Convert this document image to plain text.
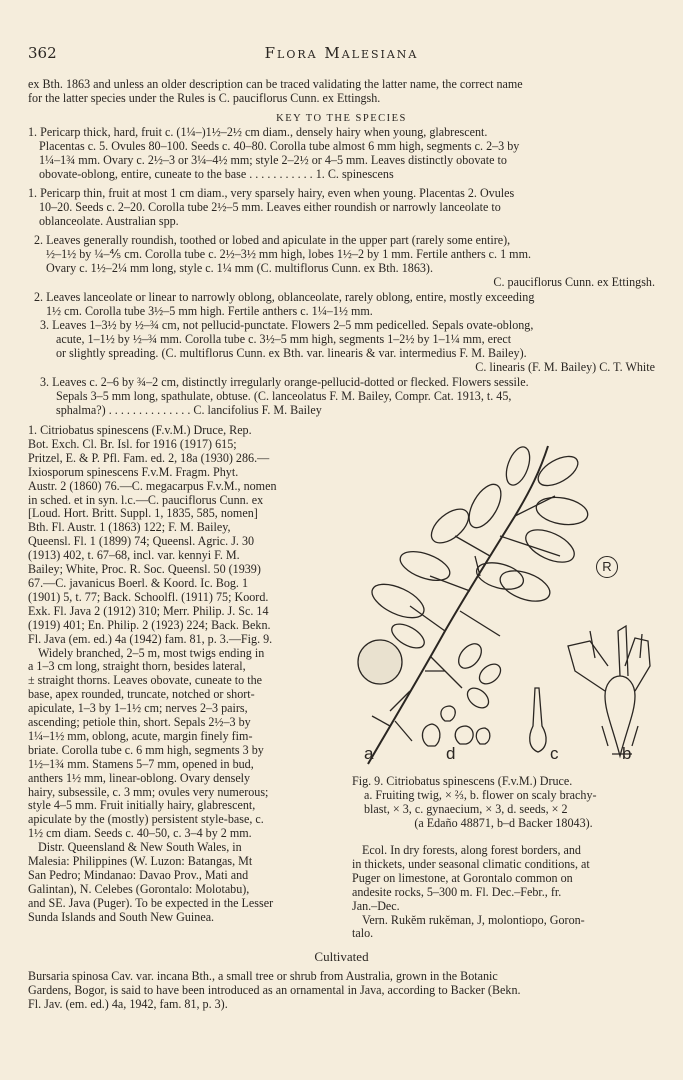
362	Flora Malesiana
ex Bth. 1863 and unless an older description can be traced validating the latter name, the correct name
for the latter species under the Rules is C. pauciflorus Cunn. ex Ettingsh.
KEY TO THE SPECIES
1. Pericarp thick, hard, fruit c. (1¼–)1½–2½ cm diam., densely hairy when young, glabrescent.
Placentas c. 5. Ovules 80–100. Seeds c. 40–80. Corolla tube almost 6 mm high, segments c. 2–3 by
1¼–1¾ mm. Ovary c. 2½–3 or 3¼–4½ mm; style 2–2½ or 4–5 mm. Leaves distinctly obovate to
obovate-oblong, entire, cuneate to the base . . . . . . . . . . . 1. C. spinescens
1. Pericarp thin, fruit at most 1 cm diam., very sparsely hairy, even when young. Placentas 2. Ovules
10–20. Seeds c. 2–20. Corolla tube 2½–5 mm. Leaves either roundish or narrowly lanceolate to
oblanceolate. Australian spp.
2. Leaves generally roundish, toothed or lobed and apiculate in the upper part (rarely some entire),
½–1½ by ¼–⅘ cm. Corolla tube c. 2½–3½ mm high, lobes 1½–2 by 1 mm. Fertile anthers c. 1 mm.
Ovary c. 1½–2¼ mm long, style c. 1¼ mm (C. multiflorus Cunn. ex Bth. 1863).
C. pauciflorus Cunn. ex Ettingsh.
2. Leaves lanceolate or linear to narrowly oblong, oblanceolate, rarely oblong, entire, mostly exceeding
1½ cm. Corolla tube 3½–5 mm high. Fertile anthers c. 1¼–1½ mm.
3. Leaves 1–3½ by ½–¾ cm, not pellucid-punctate. Flowers 2–5 mm pedicelled. Sepals ovate-oblong,
acute, 1–1½ by ½–¾ mm. Corolla tube c. 3½–5 mm high, segments 1–2½ by 1–1¼ mm, erect
or slightly spreading. (C. multiflorus Cunn. ex Bth. var. linearis & var. intermedius F. M. Bailey).
C. linearis (F. M. Bailey) C. T. White
3. Leaves c. 2–6 by ¾–2 cm, distinctly irregularly orange-pellucid-dotted or flecked. Flowers sessile.
Sepals 3–5 mm long, spathulate, obtuse. (C. lanceolatus F. M. Bailey, Compr. Cat. 1913, t. 45,
sphalma?) . . . . . . . . . . . . . . C. lancifolius F. M. Bailey
1. Citriobatus spinescens (F.v.M.) Druce, Rep.
Bot. Exch. Cl. Br. Isl. for 1916 (1917) 615;
Pritzel, E. & P. Pfl. Fam. ed. 2, 18a (1930) 286.—
Ixiosporum spinescens F.v.M. Fragm. Phyt.
Austr. 2 (1860) 76.—C. megacarpus F.v.M., nomen
in sched. et in syn. l.c.—C. pauciflorus Cunn. ex
[Loud. Hort. Britt. Suppl. 1, 1835, 585, nomen]
Bth. Fl. Austr. 1 (1863) 122; F. M. Bailey,
Queensl. Fl. 1 (1899) 74; Queensl. Agric. J. 30
(1913) 402, t. 67–68, incl. var. kennyi F. M.
Bailey; White, Proc. R. Soc. Queensl. 50 (1939)
67.—C. javanicus Boerl. & Koord. Ic. Bog. 1
(1901) 5, t. 77; Back. Schoolfl. (1911) 75; Koord.
Exk. Fl. Java 2 (1912) 310; Merr. Philip. J. Sc. 14
(1919) 401; En. Philip. 2 (1923) 224; Back. Bekn.
Fl. Java (em. ed.) 4a (1942) fam. 81, p. 3.—Fig. 9.
Widely branched, 2–5 m, most twigs ending in
a 1–3 cm long, straight thorn, besides lateral,
± straight thorns. Leaves obovate, cuneate to the
base, apex rounded, truncate, notched or short-
apiculate, 1–3 by 1–1½ cm; nerves 2–3 pairs,
ascending; petiole thin, short. Sepals 2½–3 by
1¼–1½ mm, oblong, acute, margin finely fim-
briate. Corolla tube c. 6 mm high, segments 3 by
1½–1¾ mm. Stamens 5–7 mm, opened in bud,
anthers 1½ mm, linear-oblong. Ovary densely
hairy, subsessile, c. 3 mm; ovules very numerous;
style 4–5 mm. Fruit initially hairy, glabrescent,
apiculate by the (mostly) persistent style-base, c.
1½ cm diam. Seeds c. 40–50, c. 3–4 by 2 mm.
Distr. Queensland & New South Wales, in
Malesia: Philippines (W. Luzon: Batangas, Mt
San Pedro; Mindanao: Davao Prov., Mati and
Galintan), N. Celebes (Gorontalo: Molotabu),
and SE. Java (Puger). To be expected in the Lesser
Sunda Islands and South New Guinea.
R
a	d	c	b
Fig. 9. Citriobatus spinescens (F.v.M.) Druce.
a. Fruiting twig, × ⅔, b. flower on scaly brachy-
blast, × 3, c. gynaecium, × 3, d. seeds, × 2
(a Edaño 48871, b–d Backer 18043).
Ecol. In dry forests, along forest borders, and
in thickets, under seasonal climatic conditions, at
Puger on limestone, at Gorontalo common on
andesite rocks, 5–300 m. Fl. Dec.–Febr., fr.
Jan.–Dec.
Vern. Rukĕm rukĕman, J, molontiopo, Goron-
talo.
Cultivated
Bursaria spinosa Cav. var. incana Bth., a small tree or shrub from Australia, grown in the Botanic
Gardens, Bogor, is said to have been introduced as an ornamental in Java, according to Backer (Bekn.
Fl. Jav. (em. ed.) 4a, 1942, fam. 81, p. 3).
